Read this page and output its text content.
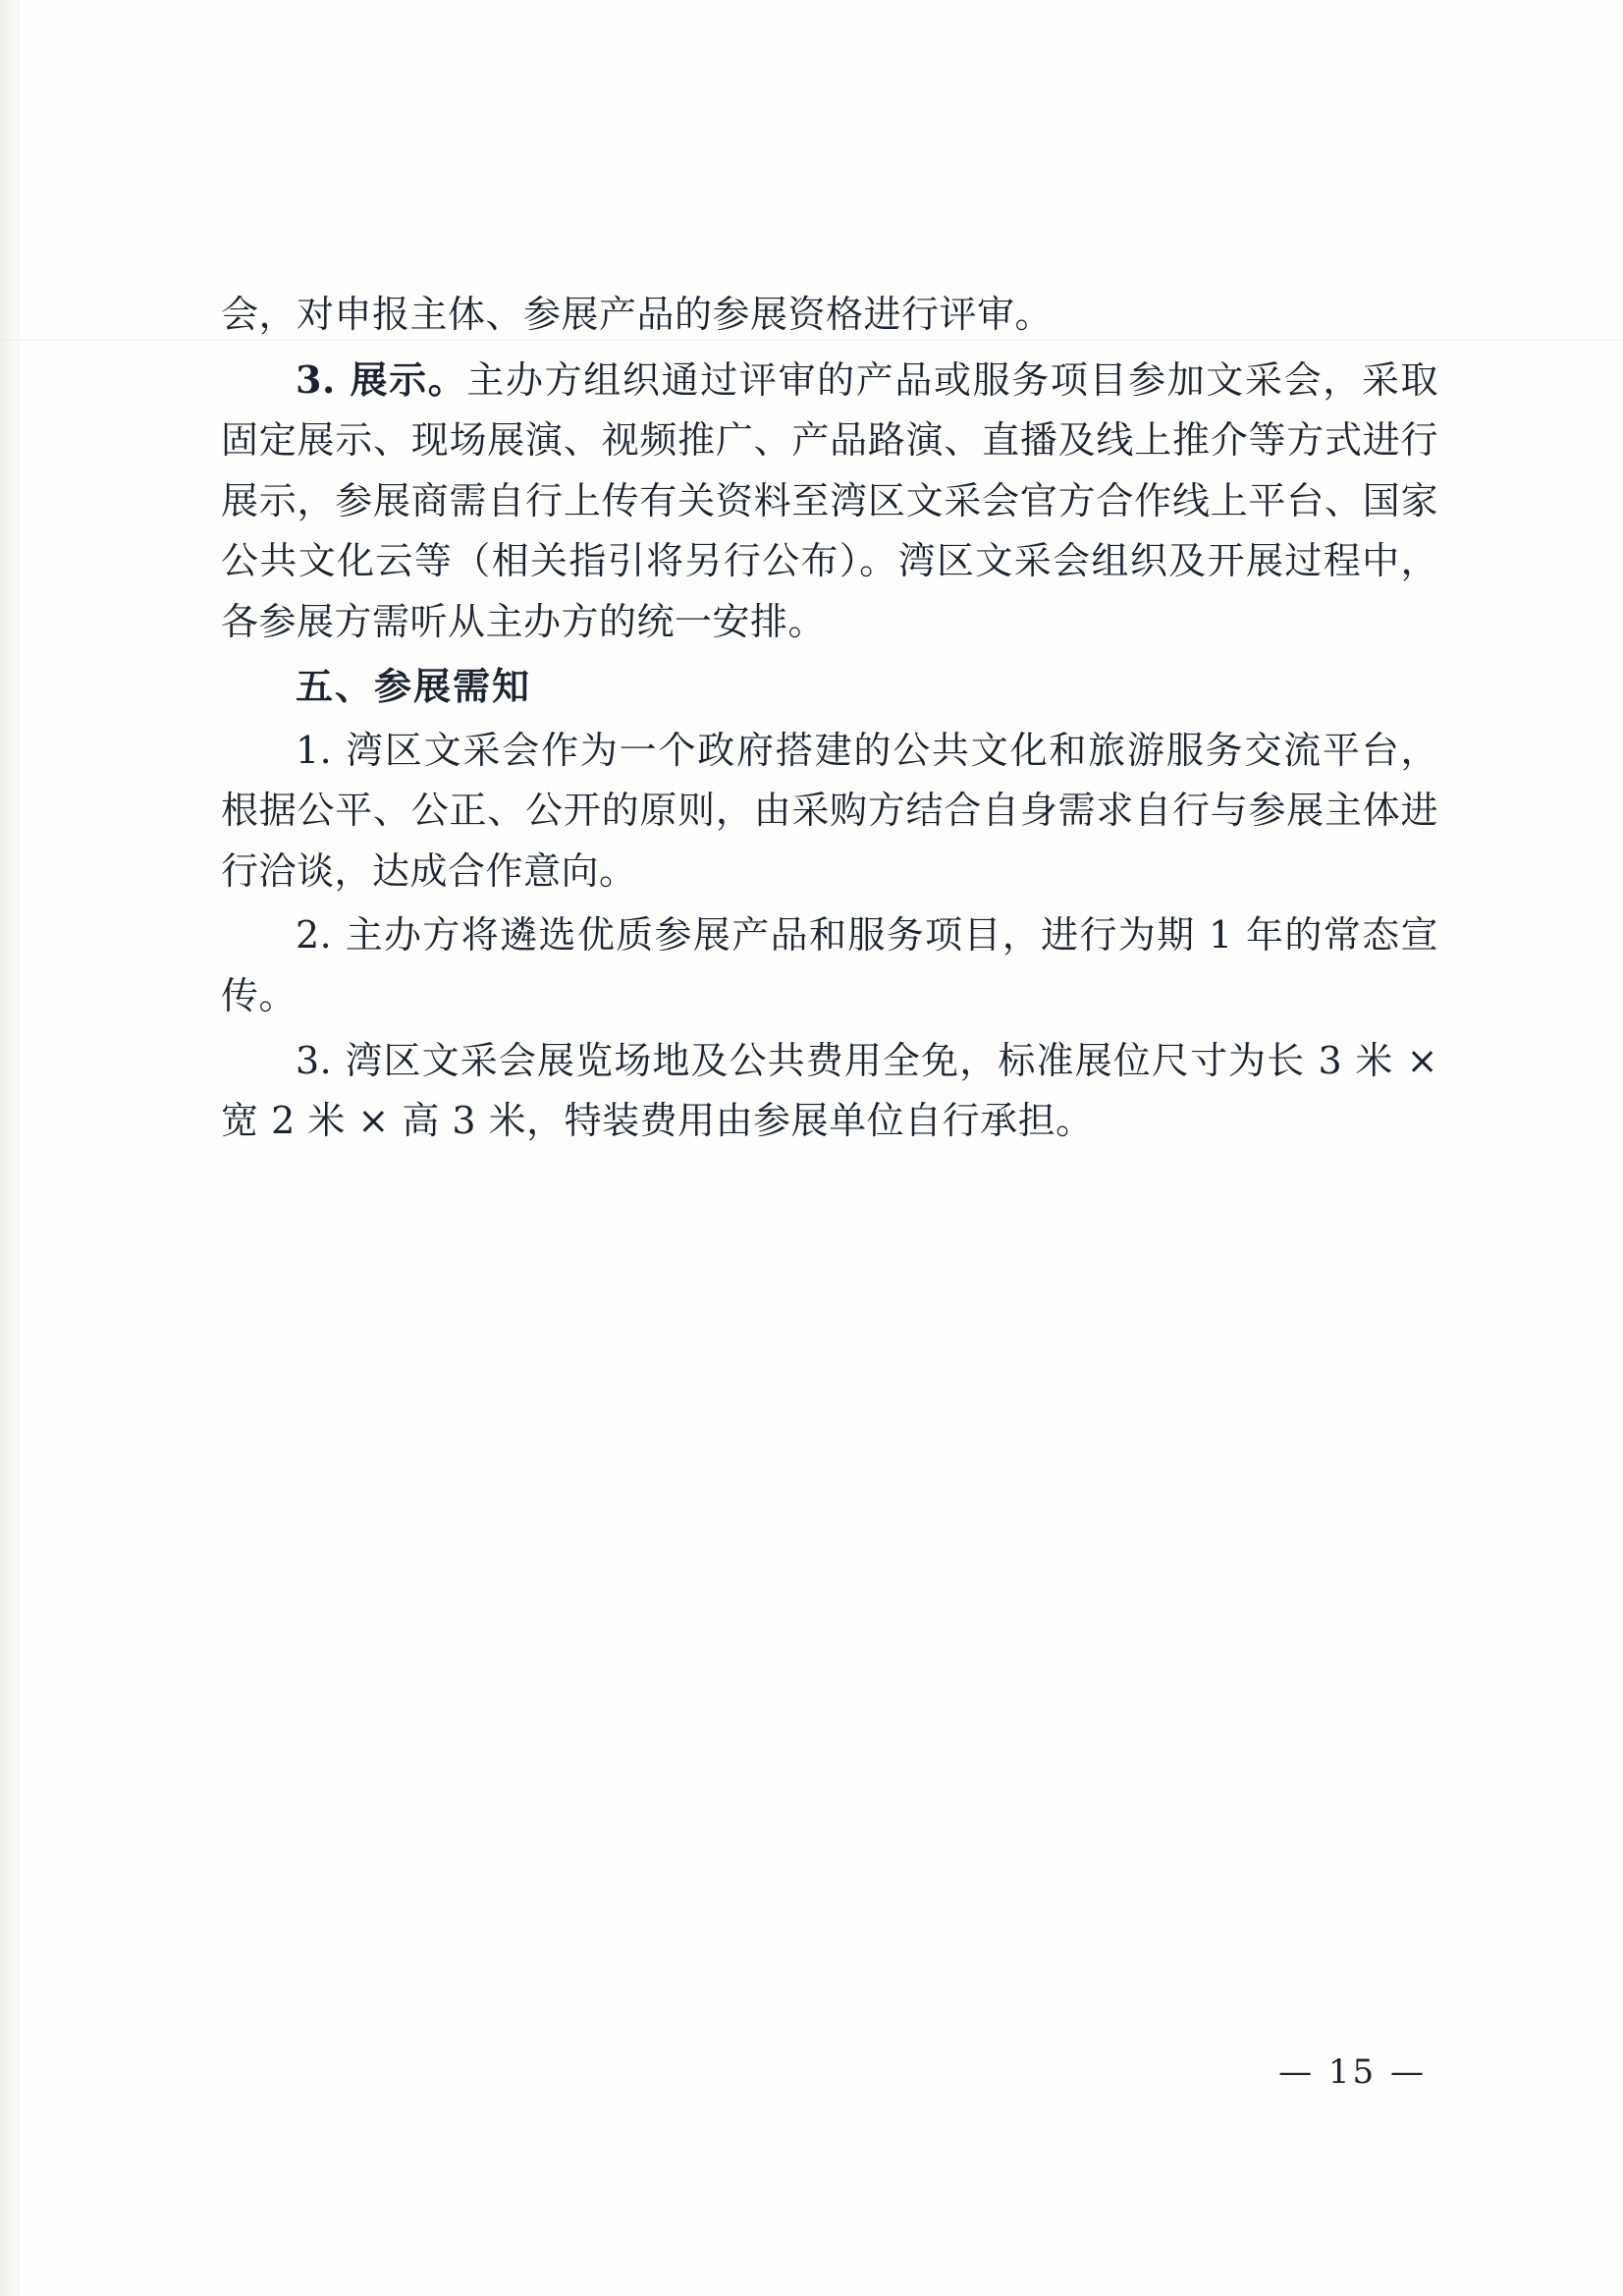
会，对申报主体、参展产品的参展资格进行评审。

3. 展示。主办方组织通过评审的产品或服务项目参加文采会，采取固定展示、现场展演、视频推广、产品路演、直播及线上推介等方式进行展示，参展商需自行上传有关资料至湾区文采会官方合作线上平台、国家公共文化云等（相关指引将另行公布）。湾区文采会组织及开展过程中，各参展方需听从主办方的统一安排。

五、参展需知

1. 湾区文采会作为一个政府搭建的公共文化和旅游服务交流平台，根据公平、公正、公开的原则，由采购方结合自身需求自行与参展主体进行洽谈，达成合作意向。

2. 主办方将遴选优质参展产品和服务项目，进行为期 1 年的常态宣传。

3. 湾区文采会展览场地及公共费用全免，标准展位尺寸为长 3 米 × 宽 2 米 × 高 3 米，特装费用由参展单位自行承担。

— 15 —
